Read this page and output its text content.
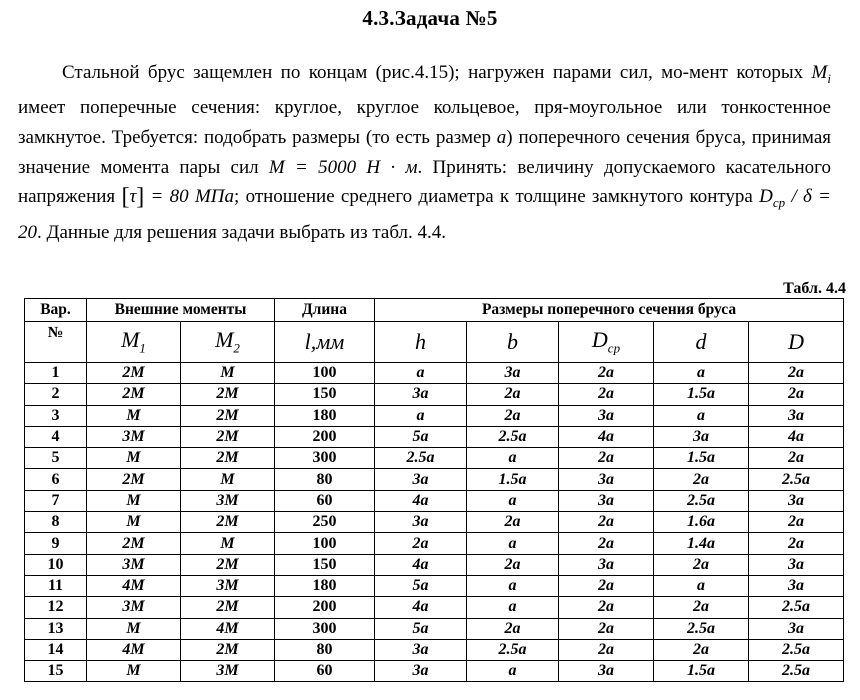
4.3.Задача №5
Стальной брус защемлен по концам (рис.4.15); нагружен парами сил, мо-мент которых $M_i$ имеет поперечные сечения: круглое, круглое кольцевое, пря-моугольное или тонкостенное замкнутое. Требуется: подобрать размеры (то есть размер a) поперечного сечения бруса, принимая значение момента пары сил M = 5000 H · м. Принять: величину допускаемого касательного напряжения [τ] = 80 МПа; отношение среднего диаметра к толщине замкнутого контура $D_{ср} / \delta = 20$. Данные для решения задачи выбрать из табл. 4.4.
Табл. 4.4
Вар.	Внешние моменты		Длина	Размеры поперечного сечения бруса				
№	$M_1$	$M_2$	l,мм	h	b	$D_{ср}$	d	D
1	2M	M	100	a	3a	2a	a	2a
2	2M	2M	150	3a	2a	2a	1.5a	2a
3	M	2M	180	a	2a	3a	a	3a
4	3M	2M	200	5a	2.5a	4a	3a	4a
5	M	2M	300	2.5a	a	2a	1.5a	2a
6	2M	M	80	3a	1.5a	3a	2a	2.5a
7	M	3M	60	4a	a	3a	2.5a	3a
8	M	2M	250	3a	2a	2a	1.6a	2a
9	2M	M	100	2a	a	2a	1.4a	2a
10	3M	2M	150	4a	2a	3a	2a	3a
11	4M	3M	180	5a	a	2a	a	3a
12	3M	2M	200	4a	a	2a	2a	2.5a
13	M	4M	300	5a	2a	2a	2.5a	3a
14	4M	2M	80	3a	2.5a	2a	2a	2.5a
15	M	3M	60	3a	a	3a	1.5a	2.5a
